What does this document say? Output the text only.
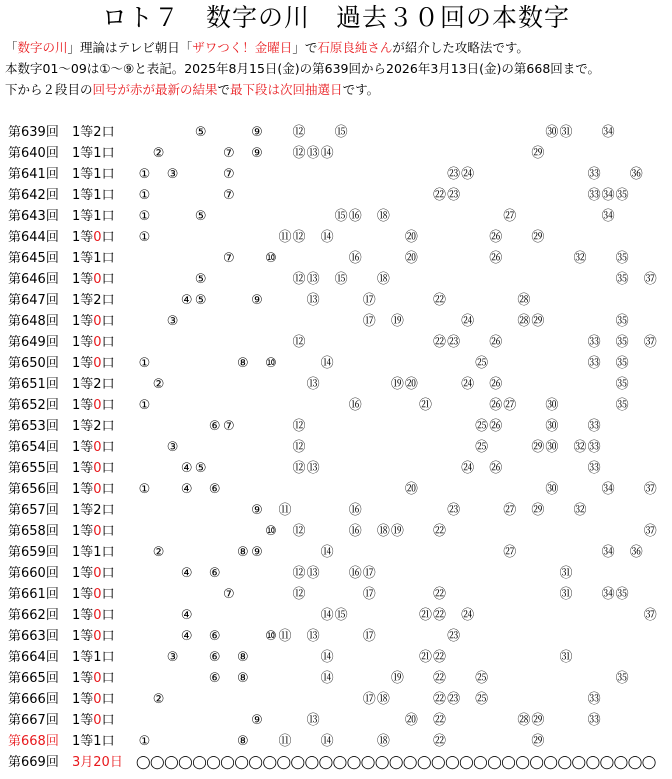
ロト７　数字の川　過去３０回の本数字
「数字の川」理論はテレビ朝日「ザワつく！金曜日」で石原良純さんが紹介した攻略法です。
本数字01～09は①～⑨と表記。2025年8月15日(金)の第639回から2026年3月13日(金)の第668回まで。
下から２段目の回号が赤が最新の結果で最下段は次回抽選日です。
第639回 1等2口	⑤	⑨	⑫	⑮	㉚ ㉛	㉞
第640回 1等1口	②	⑦	⑨	⑫ ⑬ ⑭	㉙
第641回 1等1口	①	③	⑦	㉓ ㉔	㉝	㊱
第642回 1等1口	①	⑦	㉒ ㉓	㉝ ㉞ ㉟
第643回 1等1口	①	⑤	⑮ ⑯	⑱	㉗	㉞
第644回 1等0口	①	⑪ ⑫	⑭	⑳	㉖	㉙
第645回 1等1口	⑦	⑩	⑯	⑳	㉖	㉜	㉟
第646回 1等0口	⑤	⑫ ⑬	⑮	⑱	㉟	㊲
第647回 1等2口	④ ⑤	⑨	⑬	⑰	㉒	㉘
第648回 1等0口	③	⑰	⑲	㉔	㉘ ㉙	㉟
第649回 1等0口	⑫	㉒ ㉓	㉖	㉝	㉟	㊲
第650回 1等0口	①	⑧	⑩	⑭	㉕	㉝	㉟
第651回 1等2口	②	⑬	⑲ ⑳	㉔	㉖	㉟
第652回 1等0口	①	⑯	㉑	㉖ ㉗	㉚	㉟
第653回 1等2口	⑥ ⑦	⑫	㉕ ㉖	㉚	㉝
第654回 1等0口	③	⑫	㉕	㉙ ㉚	㉜ ㉝
第655回 1等0口	④ ⑤	⑫ ⑬	㉔	㉖	㉝
第656回 1等0口	①	④	⑥	⑳	㉚	㉞	㊲
第657回 1等2口	⑨	⑪	⑯	㉓	㉗	㉙	㉜
第658回 1等0口	⑩	⑫	⑯	⑱ ⑲	㉒	㊲
第659回 1等1口	②	⑧ ⑨	⑭	㉗	㉞	㊱
第660回 1等0口	④	⑥	⑫ ⑬	⑯ ⑰	㉛
第661回 1等0口	⑦	⑫	⑰	㉒	㉛	㉞ ㉟
第662回 1等0口	④	⑭ ⑮	㉑ ㉒	㉔	㊲
第663回 1等0口	④	⑥	⑩ ⑪	⑬	⑰	㉓
第664回 1等1口	③	⑥	⑧	⑭	㉑ ㉒	㉛
第665回 1等0口	⑥	⑧	⑭	⑲	㉒	㉕	㉟
第666回 1等0口	②	⑰ ⑱	㉒ ㉓	㉕	㉝
第667回 1等0口	⑨	⑬	⑳	㉒	㉘ ㉙	㉝
第668回 1等1口	①	⑧	⑪	⑭	⑱	㉒	㉙
第669回 3月20日 ◯◯◯◯◯◯◯◯◯◯◯◯◯◯◯◯◯◯◯◯◯◯◯◯◯◯◯◯◯◯◯◯◯◯◯◯◯
